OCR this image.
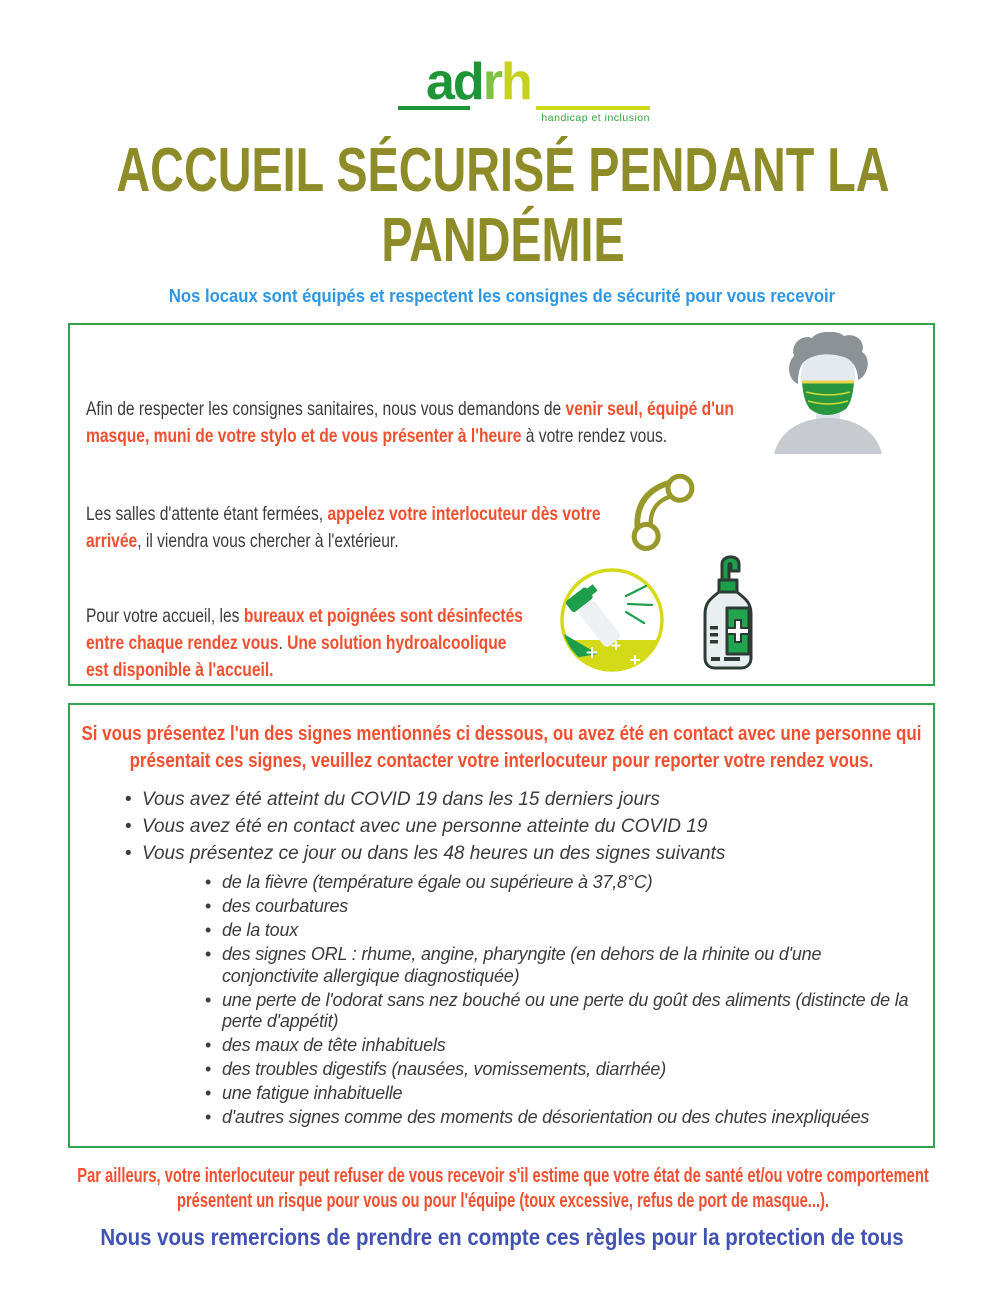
adrh
handicap et inclusion
ACCUEIL SÉCURISÉ PENDANT LA PANDÉMIE
Nos locaux sont équipés et respectent les consignes de sécurité pour vous recevoir

Afin de respecter les consignes sanitaires, nous vous demandons de venir seul, équipé d'un masque, muni de votre stylo et de vous présenter à l'heure à votre rendez vous.

Les salles d'attente étant fermées, appelez votre interlocuteur dès votre arrivée, il viendra vous chercher à l'extérieur.

Pour votre accueil, les bureaux et poignées sont désinfectés entre chaque rendez vous. Une solution hydroalcoolique est disponible à l'accueil.

Si vous présentez l'un des signes mentionnés ci dessous, ou avez été en contact avec une personne qui présentait ces signes, veuillez contacter votre interlocuteur pour reporter votre rendez vous.
• Vous avez été atteint du COVID 19 dans les 15 derniers jours
• Vous avez été en contact avec une personne atteinte du COVID 19
• Vous présentez ce jour ou dans les 48 heures un des signes suivants
• de la fièvre (température égale ou supérieure à 37,8°C)
• des courbatures
• de la toux
• des signes ORL : rhume, angine, pharyngite (en dehors de la rhinite ou d'une conjonctivite allergique diagnostiquée)
• une perte de l'odorat sans nez bouché ou une perte du goût des aliments (distincte de la perte d'appétit)
• des maux de tête inhabituels
• des troubles digestifs (nausées, vomissements, diarrhée)
• une fatigue inhabituelle
• d'autres signes comme des moments de désorientation ou des chutes inexpliquées
Par ailleurs, votre interlocuteur peut refuser de vous recevoir s'il estime que votre état de santé et/ou votre comportement présentent un risque pour vous ou pour l'équipe (toux excessive, refus de port de masque...).
Nous vous remercions de prendre en compte ces règles pour la protection de tous
